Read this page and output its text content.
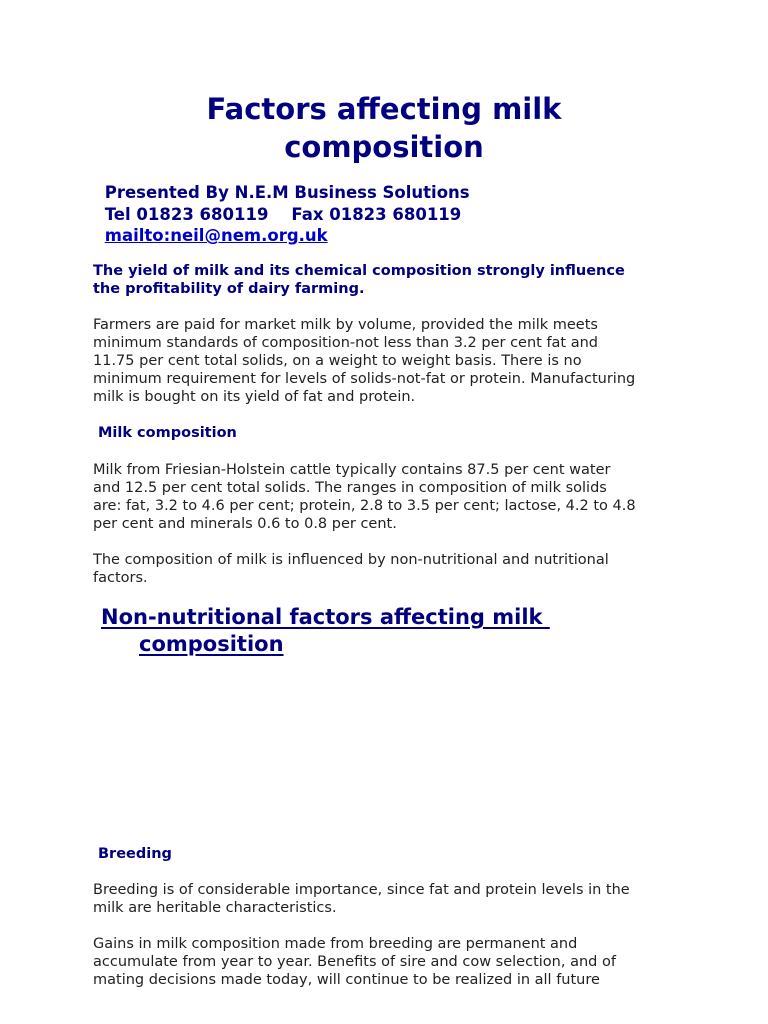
Factors affecting milk composition
Presented By N.E.M Business Solutions
Tel 01823 680119    Fax 01823 680119
mailto:neil@nem.org.uk

The yield of milk and its chemical composition strongly influence
the profitability of dairy farming.

Farmers are paid for market milk by volume, provided the milk meets
minimum standards of composition-not less than 3.2 per cent fat and
11.75 per cent total solids, on a weight to weight basis. There is no
minimum requirement for levels of solids-not-fat or protein. Manufacturing
milk is bought on its yield of fat and protein.

Milk composition

Milk from Friesian-Holstein cattle typically contains 87.5 per cent water
and 12.5 per cent total solids. The ranges in composition of milk solids
are: fat, 3.2 to 4.6 per cent; protein, 2.8 to 3.5 per cent; lactose, 4.2 to 4.8
per cent and minerals 0.6 to 0.8 per cent.

The composition of milk is influenced by non-nutritional and nutritional
factors.

Non-nutritional factors affecting milk
composition

Breeding

Breeding is of considerable importance, since fat and protein levels in the
milk are heritable characteristics.

Gains in milk composition made from breeding are permanent and
accumulate from year to year. Benefits of sire and cow selection, and of
mating decisions made today, will continue to be realized in all future
